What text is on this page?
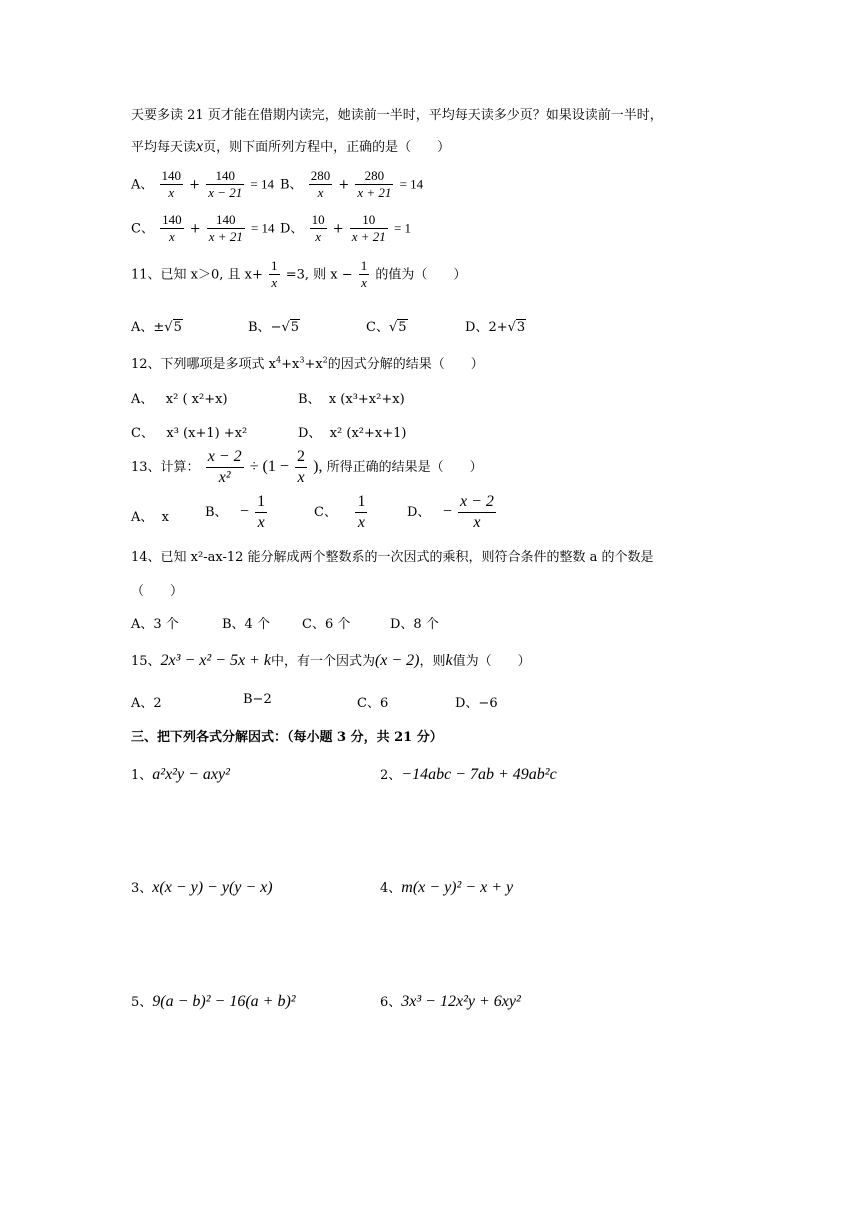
天要多读 21 页才能在借期内读完，她读前一半时，平均每天读多少页？如果设读前一半时，
平均每天读x页，则下面所列方程中，正确的是（　　）
A、 $\frac{140}{x} + \frac{140}{x - 21} = 14$ B、 $\frac{280}{x} + \frac{280}{x + 21} = 14$
C、 $\frac{140}{x} + \frac{140}{x + 21} = 14$ D、 $\frac{10}{x} + \frac{10}{x + 21} = 1$
11、已知 x＞0, 且 $x+ \frac{1}{x} =3$, 则 $x - \frac{1}{x}$ 的值为（　　）
A、±√5	B、−√5	C、√5	D、2+√3
12、下列哪项是多项式 $x^4+x^3+x^2$的因式分解的结果（　　）
A、 x² ( x²+x)	B、 x (x³+x²+x)
C、 x³ (x+1) +x²	D、 x² (x²+x+1)
13、计算： $\frac{x - 2}{\text{x²}} \div (1 - \frac{2}{x}$ ), 所得正确的结果是（　　）
A、 x	B、 − $\frac{1}{x}$	C、 $\frac{1}{x}$	D、 − $\frac{x - 2}{x}$
14、已知 x²-ax-12 能分解成两个整数系的一次因式的乘积，则符合条件的整数 a 的个数是
（　　）
A、3 个	B、4 个 C、6 个	D、8 个
15、2x³ − x² − 5x + k中，有一个因式为(x − 2)，则k值为（　　）
A、2	B−2	C、6	D、−6
三、把下列各式分解因式：（每小题 3 分，共 21 分）
1、a²x²y − axy²	2、−14abc − 7ab + 49ab²c
3、x(x − y) − y(y − x)	4、m(x − y)² − x + y
5、9(a − b)² − 16(a + b)²	6、3x³ − 12x²y + 6xy²
